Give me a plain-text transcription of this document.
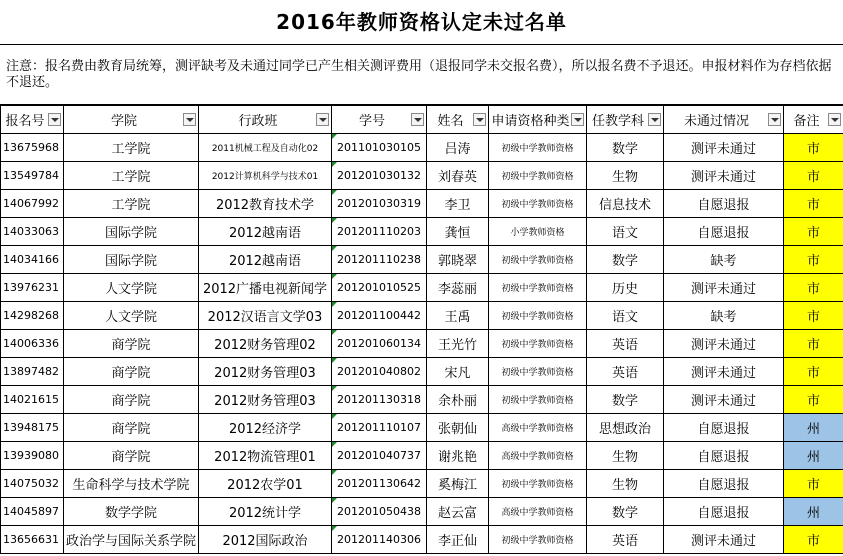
2016年教师资格认定未过名单
注意：报名费由教育局统筹，测评缺考及未通过同学已产生相关测评费用（退报同学未交报名费），所以报名费不予退还。申报材料作为存档依据不退还。
报名号	学院	行政班	学号	姓名	申请资格种类	任教学科	未通过情况	备注

13675968	工学院	2011机械工程及自动化02	201101030105	吕涛	初级中学教师资格	数学	测评未通过	市
13549784	工学院	2012计算机科学与技术01	201201030132	刘春英	初级中学教师资格	生物	测评未通过	市
14067992	工学院	2012教育技术学	201201030319	李卫	初级中学教师资格	信息技术	自愿退报	市
14033063	国际学院	2012越南语	201201110203	龚恒	小学教师资格	语文	自愿退报	市
14034166	国际学院	2012越南语	201201110238	郭晓翠	初级中学教师资格	数学	缺考	市
13976231	人文学院	2012广播电视新闻学	201201010525	李蕊丽	初级中学教师资格	历史	测评未通过	市
14298268	人文学院	2012汉语言文学03	201201100442	王禹	初级中学教师资格	语文	缺考	市
14006336	商学院	2012财务管理02	201201060134	王光竹	初级中学教师资格	英语	测评未通过	市
13897482	商学院	2012财务管理03	201201040802	宋凡	初级中学教师资格	英语	测评未通过	市
14021615	商学院	2012财务管理03	201201130318	余朴丽	初级中学教师资格	数学	测评未通过	市
13948175	商学院	2012经济学	201201110107	张朝仙	高级中学教师资格	思想政治	自愿退报	州
13939080	商学院	2012物流管理01	201201040737	谢兆艳	高级中学教师资格	生物	自愿退报	州
14075032	生命科学与技术学院	2012农学01	201201130642	奚梅江	初级中学教师资格	生物	自愿退报	市
14045897	数学学院	2012统计学	201201050438	赵云富	高级中学教师资格	数学	自愿退报	州
13656631	政治学与国际关系学院	2012国际政治	201201140306	李正仙	初级中学教师资格	英语	测评未通过	市
